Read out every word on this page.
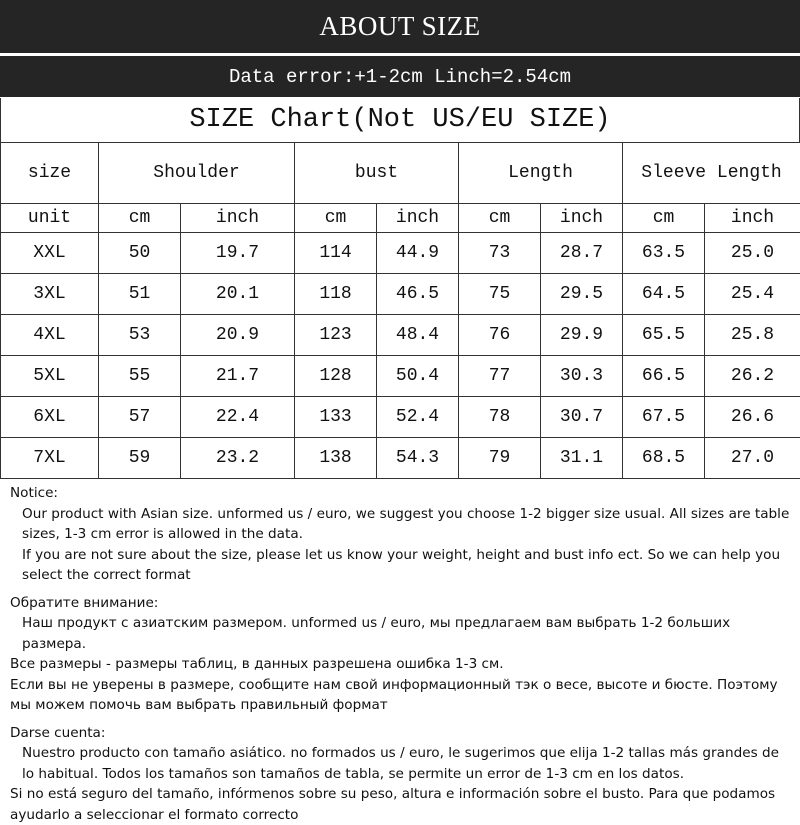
ABOUT SIZE
Data error:+1-2cm Linch=2.54cm
SIZE Chart(Not US/EU SIZE)
size	Shoulder		bust		Length		Sleeve Length	
unit	cm	inch	cm	inch	cm	inch	cm	inch
XXL	50	19.7	114	44.9	73	28.7	63.5	25.0
3XL	51	20.1	118	46.5	75	29.5	64.5	25.4
4XL	53	20.9	123	48.4	76	29.9	65.5	25.8
5XL	55	21.7	128	50.4	77	30.3	66.5	26.2
6XL	57	22.4	133	52.4	78	30.7	67.5	26.6
7XL	59	23.2	138	54.3	79	31.1	68.5	27.0

Notice:

Our product with Asian size. unformed us / euro, we suggest you choose 1-2 bigger size usual. All sizes are table sizes, 1-3 cm error is allowed in the data.

If you are not sure about the size, please let us know your weight, height and bust info ect. So we can help you select the correct format

Обратите внимание:

Наш продукт с азиатским размером. unformed us / euro, мы предлагаем вам выбрать 1-2 больших размера.

Все размеры - размеры таблиц, в данных разрешена ошибка 1-3 см.

Если вы не уверены в размере, сообщите нам свой информационный тэк о весе, высоте и бюсте. Поэтому мы можем помочь вам выбрать правильный формат

Darse cuenta:

Nuestro producto con tamaño asiático. no formados us / euro, le sugerimos que elija 1-2 tallas más grandes de lo habitual. Todos los tamaños son tamaños de tabla, se permite un error de 1-3 cm en los datos.

Si no está seguro del tamaño, infórmenos sobre su peso, altura e información sobre el busto. Para que podamos ayudarlo a seleccionar el formato correcto
